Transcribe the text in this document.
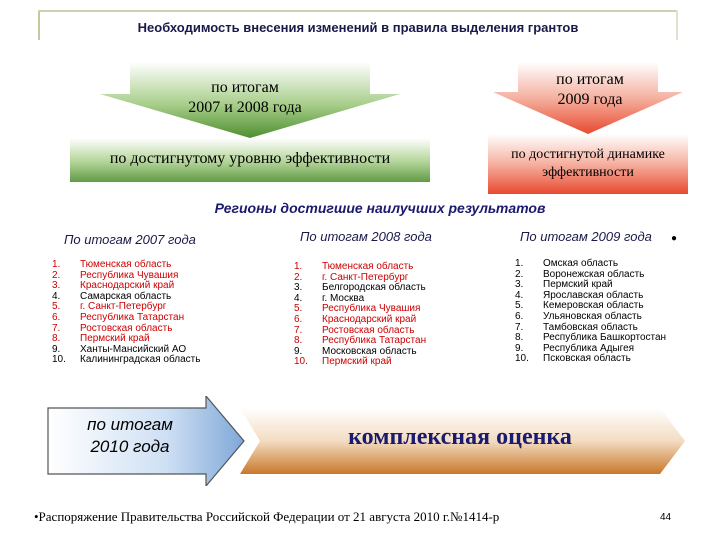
Необходимость внесения изменений в правила выделения грантов
по итогам
2007 и 2008 года
по достигнутому уровню эффективности
по итогам
2009 года
по достигнутой динамике
эффективности
Регионы достигшие наилучших результатов
По итогам 2007 года
1.	Тюменская область
2.	Республика Чувашия
3.	Краснодарский край
4.	Самарская область
5.	г. Санкт-Петербург
6.	Республика Татарстан
7.	Ростовская область
8.	Пермский край
9.	Ханты-Мансийский АО
10.	Калининградская область
По итогам 2008 года
1.	Тюменская область
2.	г. Санкт-Петербург
3.	Белгородская область
4.	г. Москва
5.	Республика Чувашия
6.	Краснодарский край
7.	Ростовская область
8.	Республика Татарстан
9.	Московская область
10.	Пермский край
По итогам 2009 года ●
1.	Омская область
2.	Воронежская область
3.	Пермский край
4.	Ярославская область
5.	Кемеровская область
6.	Ульяновская область
7.	Тамбовская область
8.	Республика Башкортостан
9.	Республика Адыгея
10.	Псковская область
по итогам
2010 года	комплексная оценка
•Распоряжение Правительства Российской Федерации от 21 августа 2010 г.№1414-р	44
